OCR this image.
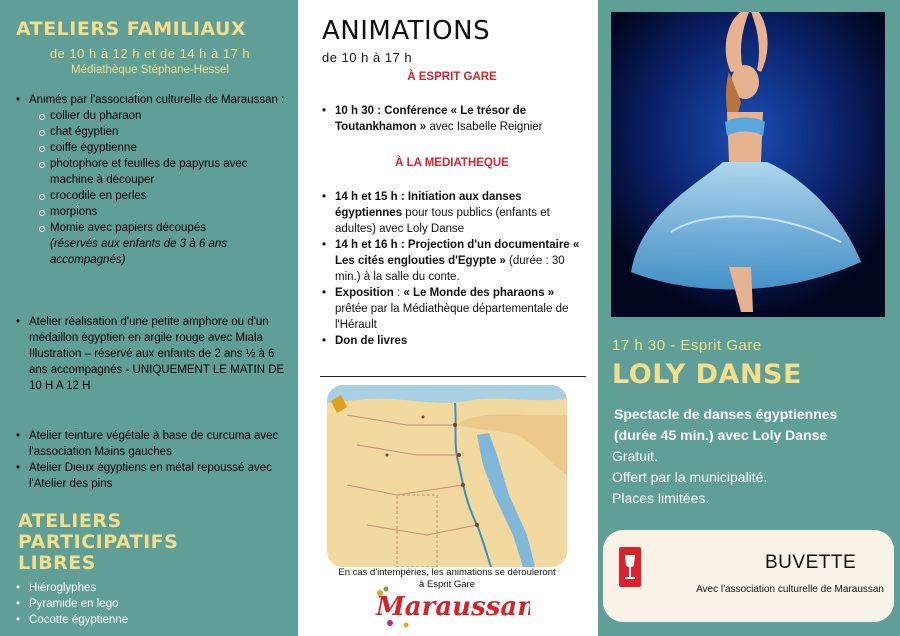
ATELIERS FAMILIAUX
de 10 h à 12 h et de 14 h à 17 h
Médiathèque Stéphane-Hessel
• Animés par l'association culturelle de Maraussan :
collier du pharaon
chat égyptien
coiffe égyptienne
photophore et feuilles de papyrus avec machine à découper
crocodile en perles
morpions
Momie avec papiers découpés
(réservés aux enfants de 3 à 6 ans accompagnés)
• Atelier réalisation d'une petite amphore ou d'un médaillon égyptien en argile rouge avec Miala Illustration – réservé aux enfants de 2 ans ½ à 6 ans accompagnés - UNIQUEMENT LE MATIN DE 10 H A 12 H
• Atelier teinture végétale à base de curcuma avec l'association Mains gauches
• Atelier Dieux égyptiens en métal repoussé avec l'Atelier des pins
ATELIERS
PARTICIPATIFS
LIBRES
• Hiéroglyphes
• Pyramide en lego
• Cocotte égyptienne
ANIMATIONS
de 10 h à 17 h
À ESPRIT GARE
• 10 h 30 : Conférence « Le trésor de Toutankhamon » avec Isabelle Reignier
À LA MEDIATHEQUE
• 14 h et 15 h : Initiation aux danses égyptiennes pour tous publics (enfants et adultes) avec Loly Danse
• 14 h et 16 h : Projection d'un documentaire « Les cités englouties d'Egypte » (durée : 30 min.) à la salle du conte.
• Exposition : « Le Monde des pharaons » prêtée par la Médiathèque départementale de l'Hérault
• Don de livres
En cas d'intempéries, les animations se dérouleront
à Esprit Gare
Maraussan
17 h 30 - Esprit Gare
LOLY DANSE
Spectacle de danses égyptiennes
(durée 45 min.) avec Loly Danse
Gratuit.
Offert par la municipalité.
Places limitées.
BUVETTE
Avec l'association culturelle de Maraussan
